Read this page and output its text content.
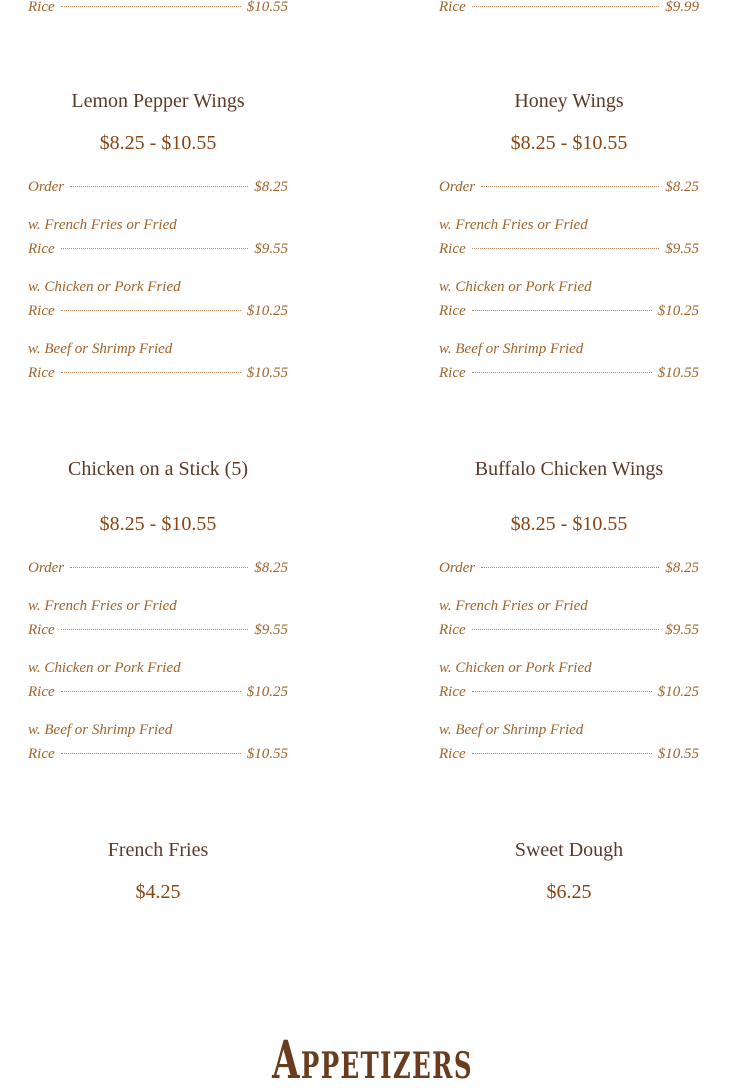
Rice	$10.55	Rice	$9.99
Lemon Pepper Wings
$8.25 - $10.55
Order	$8.25
w. French Fries or Fried
Rice	$9.55
w. Chicken or Pork Fried
Rice	$10.25
w. Beef or Shrimp Fried
Rice	$10.55
Honey Wings
$8.25 - $10.55
Order	$8.25
w. French Fries or Fried
Rice	$9.55
w. Chicken or Pork Fried
Rice	$10.25
w. Beef or Shrimp Fried
Rice	$10.55
Chicken on a Stick (5)
$8.25 - $10.55
Order	$8.25
w. French Fries or Fried
Rice	$9.55
w. Chicken or Pork Fried
Rice	$10.25
w. Beef or Shrimp Fried
Rice	$10.55
Buffalo Chicken Wings
$8.25 - $10.55
Order	$8.25
w. French Fries or Fried
Rice	$9.55
w. Chicken or Pork Fried
Rice	$10.25
w. Beef or Shrimp Fried
Rice	$10.55
French Fries
$4.25
Sweet Dough
$6.25
Appetizers
